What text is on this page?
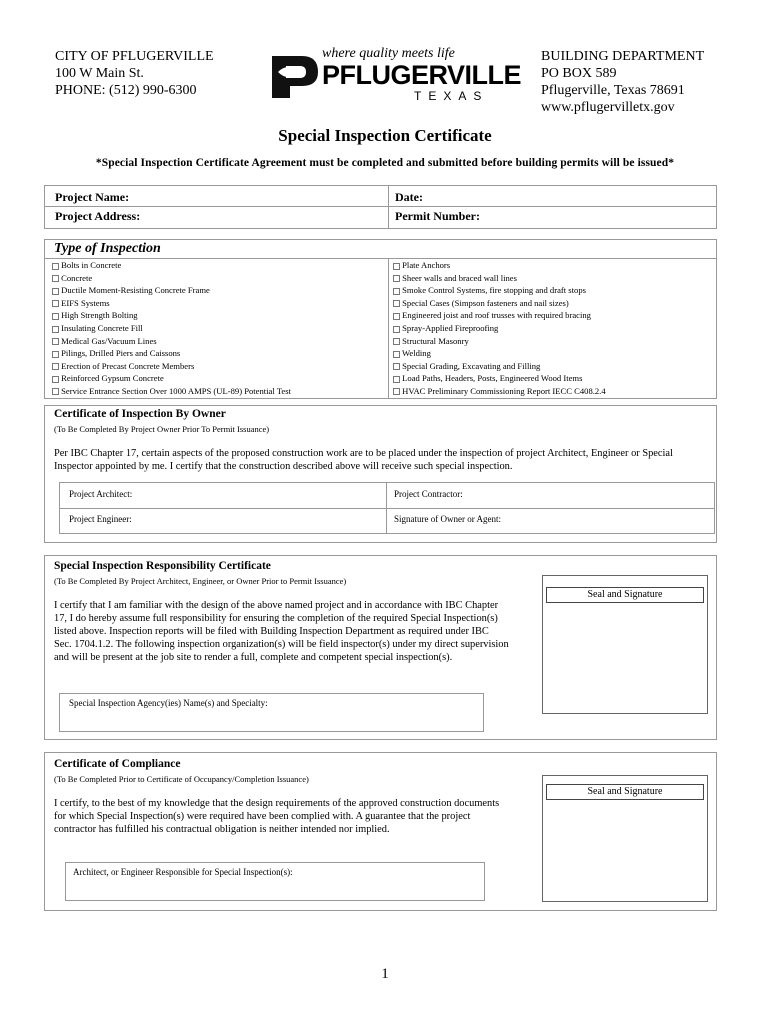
CITY OF PFLUGERVILLE
100 W Main St.
PHONE: (512) 990-6300
where quality meets life
PFLUGERVILLE
TEXAS
BUILDING DEPARTMENT
PO BOX 589
Pflugerville, Texas 78691
www.pflugervilletx.gov
Special Inspection Certificate
*Special Inspection Certificate Agreement must be completed and submitted before building permits will be issued*
Project Name:	Date:
Project Address:	Permit Number:
Type of Inspection
Bolts in Concrete
Concrete
Ductile Moment-Resisting Concrete Frame
EIFS Systems
High Strength Bolting
Insulating Concrete Fill
Medical Gas/Vacuum Lines
Pilings, Drilled Piers and Caissons
Erection of Precast Concrete Members
Reinforced Gypsum Concrete
Service Entrance Section Over 1000 AMPS (UL-89) Potential Test
Plate Anchors
Sheer walls and braced wall lines
Smoke Control Systems, fire stopping and draft stops
Special Cases (Simpson fasteners and nail sizes)
Engineered joist and roof trusses with required bracing
Spray-Applied Fireproofing
Structural Masonry
Welding
Special Grading, Excavating and Filling
Load Paths, Headers, Posts, Engineered Wood Items
HVAC Preliminary Commissioning Report IECC C408.2.4
Certificate of Inspection By Owner
(To Be Completed By Project Owner Prior To Permit Issuance)
Per IBC Chapter 17, certain aspects of the proposed construction work are to be placed under the inspection of project Architect, Engineer or Special Inspector appointed by me. I certify that the construction described above will receive such special inspection.
Project Architect:	Project Contractor:
Project Engineer:	Signature of Owner or Agent:
Special Inspection Responsibility Certificate
(To Be Completed By Project Architect, Engineer, or Owner Prior to Permit Issuance)
I certify that I am familiar with the design of the above named project and in accordance with IBC Chapter 17, I do hereby assume full responsibility for ensuring the completion of the required Special Inspection(s) listed above. Inspection reports will be filed with Building Inspection Department as required under IBC Sec. 1704.1.2. The following inspection organization(s) will be field inspector(s) under my direct supervision and will be present at the job site to render a full, complete and competent special inspection(s).
Special Inspection Agency(ies) Name(s) and Specialty:
Seal and Signature
Certificate of Compliance
(To Be Completed Prior to Certificate of Occupancy/Completion Issuance)
I certify, to the best of my knowledge that the design requirements of the approved construction documents for which Special Inspection(s) were required have been complied with. A guarantee that the project contractor has fulfilled his contractual obligation is neither intended nor implied.
Architect, or Engineer Responsible for Special Inspection(s):
Seal and Signature
1
